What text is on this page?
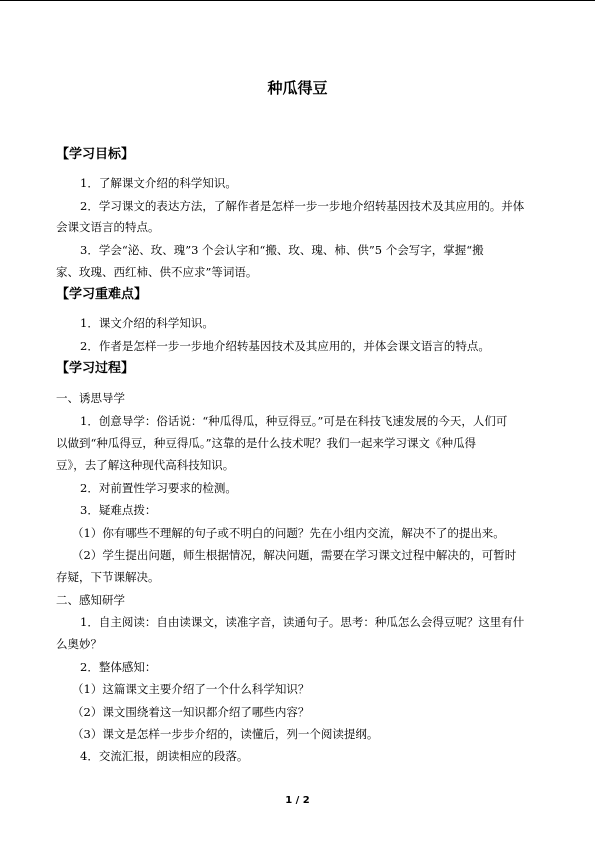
种瓜得豆
【学习目标】
1．了解课文介绍的科学知识。
2．学习课文的表达方法，了解作者是怎样一步一步地介绍转基因技术及其应用的。并体
会课文语言的特点。
3．学会“泌、玫、瑰”3 个会认字和“搬、玫、瑰、柿、供”5 个会写字，掌握“搬
家、玫瑰、西红柿、供不应求”等词语。
【学习重难点】
1．课文介绍的科学知识。
2．作者是怎样一步一步地介绍转基因技术及其应用的，并体会课文语言的特点。
【学习过程】
一、诱思导学
1．创意导学：俗话说：“种瓜得瓜，种豆得豆。”可是在科技飞速发展的今天，人们可
以做到“种瓜得豆，种豆得瓜。”这靠的是什么技术呢？我们一起来学习课文《种瓜得
豆》，去了解这种现代高科技知识。
2．对前置性学习要求的检测。
3．疑难点拨：
（1）你有哪些不理解的句子或不明白的问题？先在小组内交流，解决不了的提出来。
（2）学生提出问题，师生根据情况，解决问题，需要在学习课文过程中解决的，可暂时
存疑，下节课解决。
二、感知研学
1．自主阅读：自由读课文，读准字音，读通句子。思考：种瓜怎么会得豆呢？这里有什
么奥妙？
2．整体感知：
（1）这篇课文主要介绍了一个什么科学知识？
（2）课文围绕着这一知识都介绍了哪些内容？
（3）课文是怎样一步步介绍的，读懂后，列一个阅读提纲。
4．交流汇报，朗读相应的段落。
1 / 2
